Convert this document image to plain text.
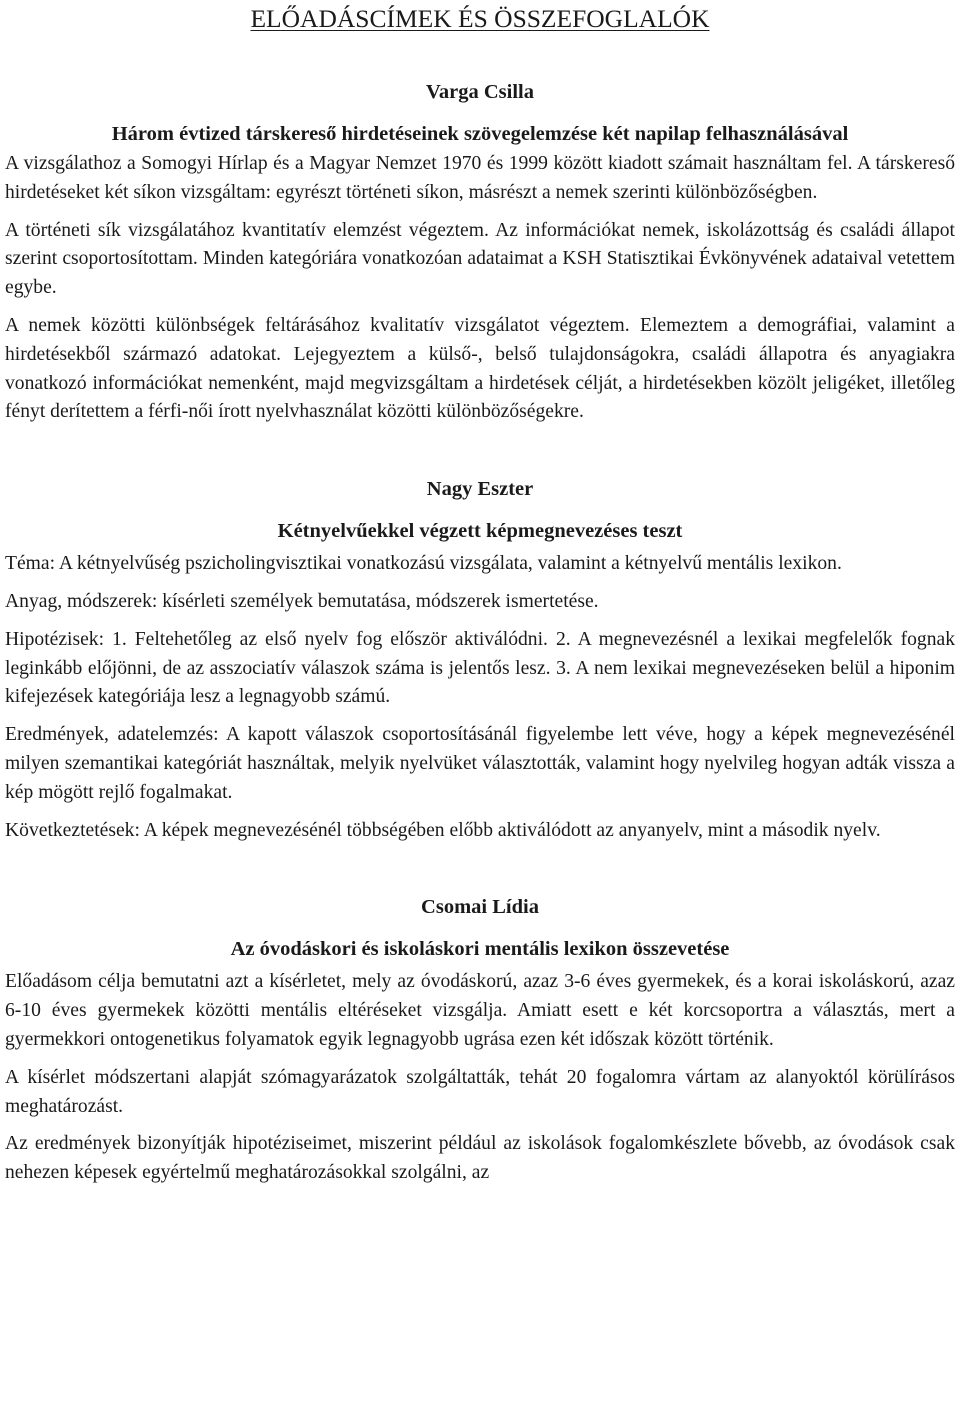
ELŐADÁSCÍMEK ÉS ÖSSZEFOGLALÓK
Varga Csilla
Három évtized társkereső hirdetéseinek szövegelemzése két napilap felhasználásával

A vizsgálathoz a Somogyi Hírlap és a Magyar Nemzet 1970 és 1999 között kiadott számait használtam fel. A társkereső hirdetéseket két síkon vizsgáltam: egyrészt történeti síkon, másrészt a nemek szerinti különbözőségben.

A történeti sík vizsgálatához kvantitatív elemzést végeztem. Az információkat nemek, iskolázottság és családi állapot szerint csoportosítottam. Minden kategóriára vonatkozóan adataimat a KSH Statisztikai Évkönyvének adataival vetettem egybe.

A nemek közötti különbségek feltárásához kvalitatív vizsgálatot végeztem. Elemeztem a demográfiai, valamint a hirdetésekből származó adatokat. Lejegyeztem a külső-, belső tulajdonságokra, családi állapotra és anyagiakra vonatkozó információkat nemenként, majd megvizsgáltam a hirdetések célját, a hirdetésekben közölt jeligéket, illetőleg fényt derítettem a férfi-női írott nyelvhasználat közötti különbözőségekre.

Nagy Eszter
Kétnyelvűekkel végzett képmegnevezéses teszt

Téma: A kétnyelvűség pszicholingvisztikai vonatkozású vizsgálata, valamint a kétnyelvű mentális lexikon.

Anyag, módszerek: kísérleti személyek bemutatása, módszerek ismertetése.

Hipotézisek: 1. Feltehetőleg az első nyelv fog először aktiválódni. 2. A megnevezésnél a lexikai megfelelők fognak leginkább előjönni, de az asszociatív válaszok száma is jelentős lesz. 3. A nem lexikai megnevezéseken belül a hiponim kifejezések kategóriája lesz a legnagyobb számú.

Eredmények, adatelemzés: A kapott válaszok csoportosításánál figyelembe lett véve, hogy a képek megnevezésénél milyen szemantikai kategóriát használtak, melyik nyelvüket választották, valamint hogy nyelvileg hogyan adták vissza a kép mögött rejlő fogalmakat.

Következtetések: A képek megnevezésénél többségében előbb aktiválódott az anyanyelv, mint a második nyelv.

Csomai Lídia
Az óvodáskori és iskoláskori mentális lexikon összevetése

Előadásom célja bemutatni azt a kísérletet, mely az óvodáskorú, azaz 3-6 éves gyermekek, és a korai iskoláskorú, azaz 6-10 éves gyermekek közötti mentális eltéréseket vizsgálja. Amiatt esett e két korcsoportra a választás, mert a gyermekkori ontogenetikus folyamatok egyik legnagyobb ugrása ezen két időszak között történik.

A kísérlet módszertani alapját szómagyarázatok szolgáltatták, tehát 20 fogalomra vártam az alanyoktól körülírásos meghatározást.

Az eredmények bizonyítják hipotéziseimet, miszerint például az iskolások fogalomkészlete bővebb, az óvodások csak nehezen képesek egyértelmű meghatározásokkal szolgálni, az
